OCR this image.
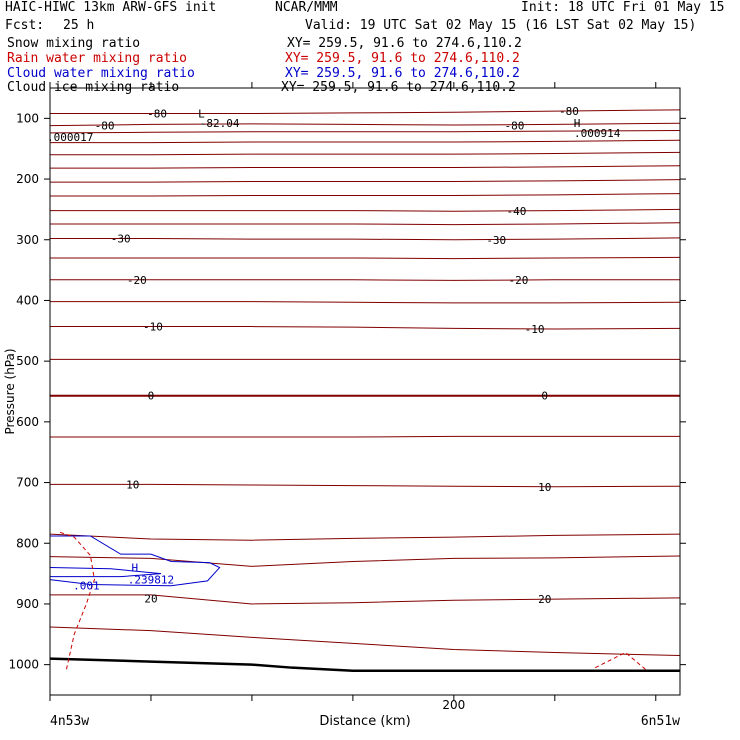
HAIC-HIWC 13km ARW-GFS init	NCAR/MMM	Init: 18 UTC Fri 01 May 15
Fcst: 25 h	Valid: 19 UTC Sat 02 May 15 (16 LST Sat 02 May 15)
Snow mixing ratio	XY= 259.5, 91.6 to 274.6,110.2
Rain water mixing ratio	XY= 259.5, 91.6 to 274.6,110.2
Cloud water mixing ratio	XY= 259.5, 91.6 to 274.6,110.2
Cloud ice mixing ratio	XY= 259.5, 91.6 to 274.6,110.2
-80
-80	-82.04
L
-80
-80
H
.000914
.000017
-40
-30	-30
-20	-20
-10	-10
0	0
10	10
20	20
H
.239812
.001
100
200
300
400
500
600
700
800
900
1000
200
Pressure (hPa)
Distance (km)
4n53w	6n51w
